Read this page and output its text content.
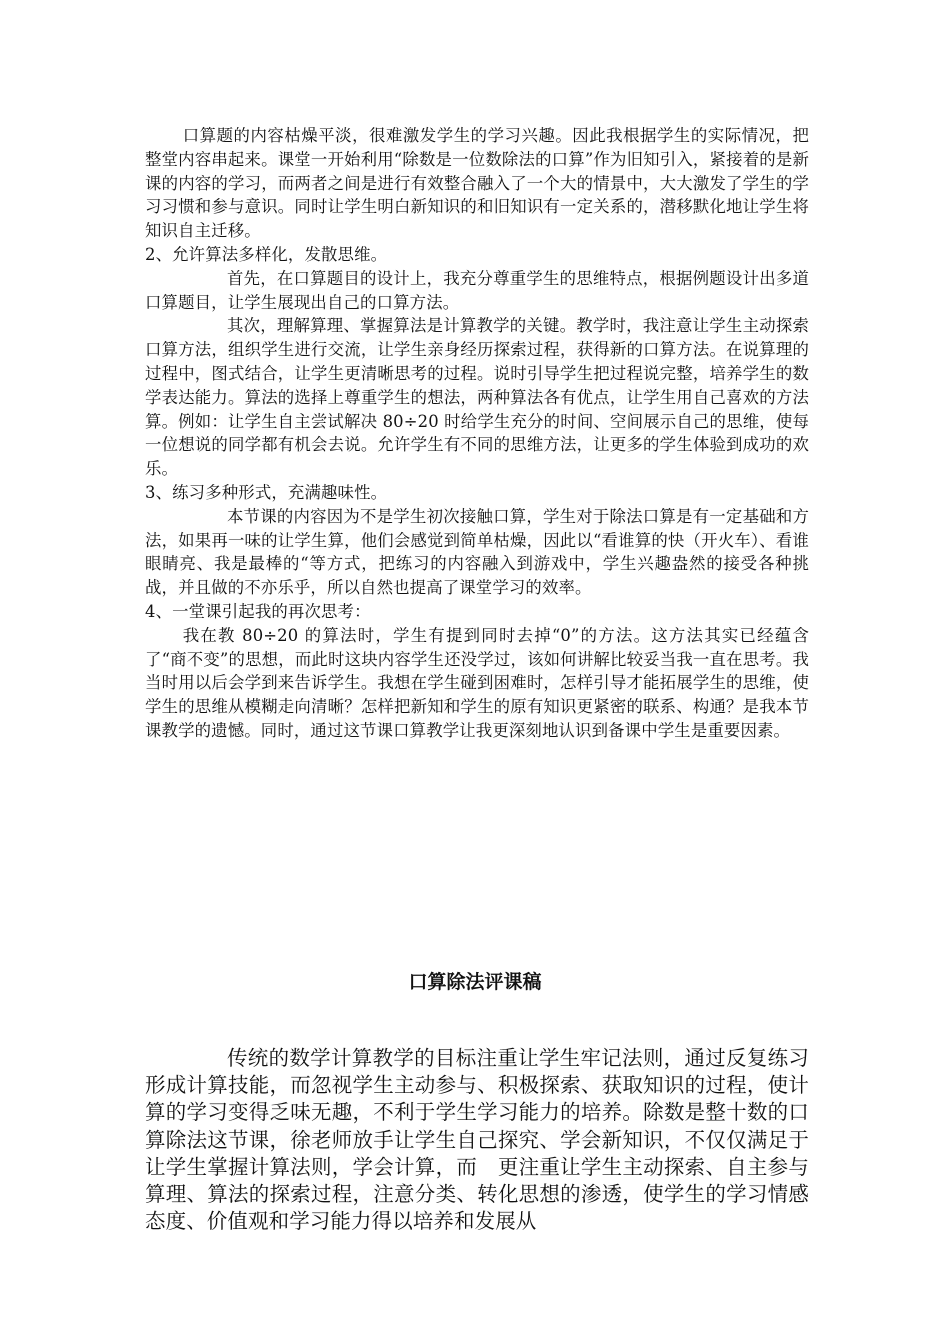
口算题的内容枯燥平淡，很难激发学生的学习兴趣。因此我根据学生的实际情况，把整堂内容串起来。课堂一开始利用“除数是一位数除法的口算”作为旧知引入，紧接着的是新课的内容的学习，而两者之间是进行有效整合融入了一个大的情景中，大大激发了学生的学习习惯和参与意识。同时让学生明白新知识的和旧知识有一定关系的，潜移默化地让学生将知识自主迁移。

2、允许算法多样化，发散思维。

首先，在口算题目的设计上，我充分尊重学生的思维特点，根据例题设计出多道口算题目，让学生展现出自己的口算方法。

其次，理解算理、掌握算法是计算教学的关键。教学时，我注意让学生主动探索口算方法，组织学生进行交流，让学生亲身经历探索过程，获得新的口算方法。在说算理的过程中，图式结合，让学生更清晰思考的过程。说时引导学生把过程说完整，培养学生的数学表达能力。算法的选择上尊重学生的想法，两种算法各有优点，让学生用自己喜欢的方法算。例如：让学生自主尝试解决 80÷20 时给学生充分的时间、空间展示自己的思维，使每一位想说的同学都有机会去说。允许学生有不同的思维方法，让更多的学生体验到成功的欢乐。

3、练习多种形式，充满趣味性。

本节课的内容因为不是学生初次接触口算，学生对于除法口算是有一定基础和方法，如果再一味的让学生算，他们会感觉到简单枯燥，因此以“看谁算的快（开火车）、看谁眼睛亮、我是最棒的“等方式，把练习的内容融入到游戏中，学生兴趣盎然的接受各种挑战，并且做的不亦乐乎，所以自然也提高了课堂学习的效率。

4、一堂课引起我的再次思考：

我在教 80÷20 的算法时，学生有提到同时去掉“0”的方法。这方法其实已经蕴含了“商不变”的思想，而此时这块内容学生还没学过，该如何讲解比较妥当我一直在思考。我当时用以后会学到来告诉学生。我想在学生碰到困难时，怎样引导才能拓展学生的思维，使学生的思维从模糊走向清晰？怎样把新知和学生的原有知识更紧密的联系、构通？是我本节课教学的遗憾。同时，通过这节课口算教学让我更深刻地认识到备课中学生是重要因素。

口算除法评课稿

传统的数学计算教学的目标注重让学生牢记法则，通过反复练习形成计算技能，而忽视学生主动参与、积极探索、获取知识的过程，使计算的学习变得乏味无趣，不利于学生学习能力的培养。除数是整十数的口算除法这节课，徐老师放手让学生自己探究、学会新知识，不仅仅满足于让学生掌握计算法则，学会计算，而　更注重让学生主动探索、自主参与算理、算法的探索过程，注意分类、转化思想的渗透，使学生的学习情感态度、价值观和学习能力得以培养和发展从
